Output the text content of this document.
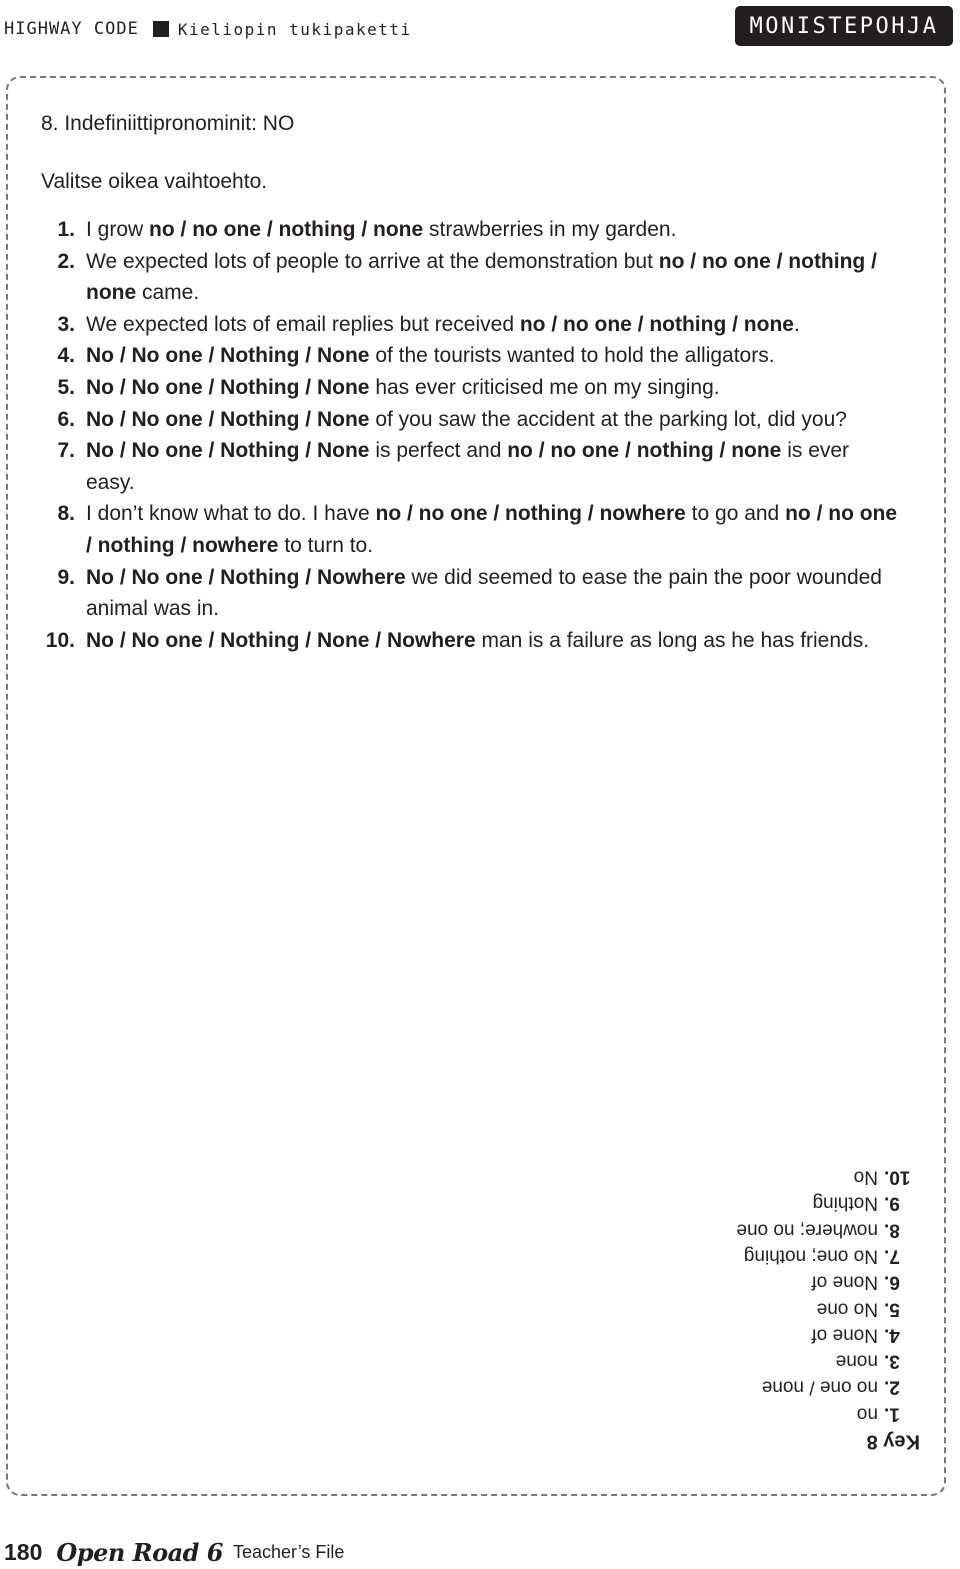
HIGHWAY CODE Kieliopin tukipaketti	MONISTEPOHJA
8. Indefiniittipronominit: NO
Valitse oikea vaihtoehto.
1. I grow no / no one / nothing / none strawberries in my garden.
2. We expected lots of people to arrive at the demonstration but no / no one / nothing / none came.
3. We expected lots of email replies but received no / no one / nothing / none.
4. No / No one / Nothing / None of the tourists wanted to hold the alligators.
5. No / No one / Nothing / None has ever criticised me on my singing.
6. No / No one / Nothing / None of you saw the accident at the parking lot, did you?
7. No / No one / Nothing / None is perfect and no / no one / nothing / none is ever easy.
8. I don’t know what to do. I have no / no one / nothing / nowhere to go and no / no one / nothing / nowhere to turn to.
9. No / No one / Nothing / Nowhere we did seemed to ease the pain the poor wounded animal was in.
10. No / No one / Nothing / None / Nowhere man is a failure as long as he has friends.
Key 8
1.
no
2.
no one / none
3.
none
4.
None of
5.
No one
6.
None of
7.
No one; nothing
8.
nowhere; no one
9.
Nothing
10.
No
180 Open Road 6 Teacher’s File
